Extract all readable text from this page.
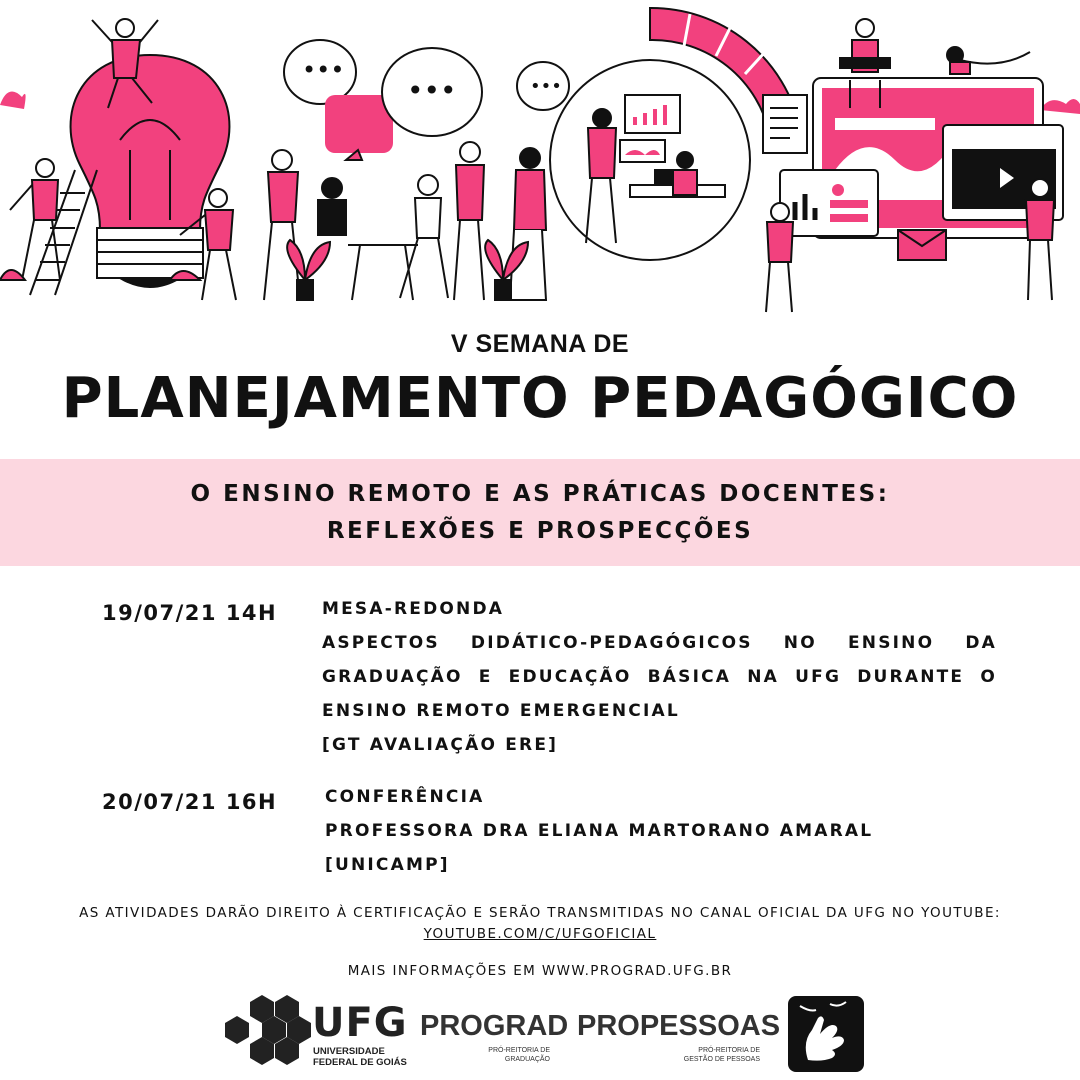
•••
•••	•••
V SEMANA DE
PLANEJAMENTO PEDAGÓGICO
O ENSINO REMOTO E AS PRÁTICAS DOCENTES:
REFLEXÕES E PROSPECÇÕES
19/07/21 14H	MESA-REDONDA
ASPECTOS DIDÁTICO-PEDAGÓGICOS NO ENSINO DA GRADUAÇÃO E EDUCAÇÃO BÁSICA NA UFG DURANTE O ENSINO REMOTO EMERGENCIAL
[GT AVALIAÇÃO ERE]
20/07/21 16H	CONFERÊNCIA
PROFESSORA DRA ELIANA MARTORANO AMARAL
[UNICAMP]
AS ATIVIDADES DARÃO DIREITO À CERTIFICAÇÃO E SERÃO TRANSMITIDAS NO CANAL OFICIAL DA UFG NO YOUTUBE: YOUTUBE.COM/C/UFGOFICIAL
MAIS INFORMAÇÕES EM WWW.PROGRAD.UFG.BR
UFG
UNIVERSIDADE
FEDERAL DE GOIÁS
PROGRAD
PRÓ-REITORIA DE
GRADUAÇÃO
PROPESSOAS
PRÓ-REITORIA DE
GESTÃO DE PESSOAS
